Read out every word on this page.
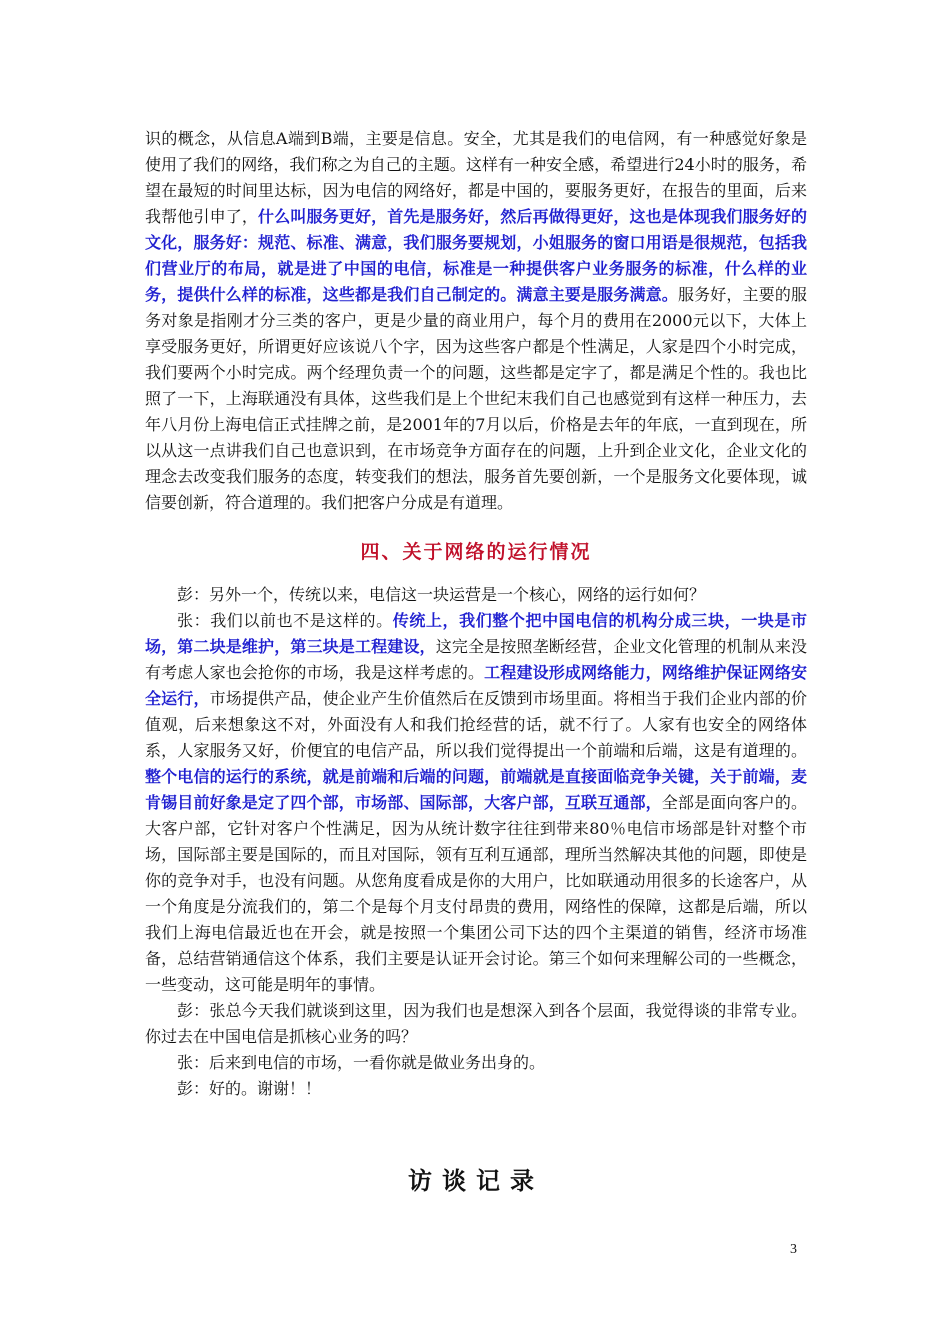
识的概念，从信息A端到B端，主要是信息。安全，尤其是我们的电信网，有一种感觉好象是使用了我们的网络，我们称之为自己的主题。这样有一种安全感，希望进行24小时的服务，希望在最短的时间里达标，因为电信的网络好，都是中国的，要服务更好，在报告的里面，后来我帮他引申了，什么叫服务更好，首先是服务好，然后再做得更好，这也是体现我们服务好的文化，服务好：规范、标准、满意，我们服务要规划，小姐服务的窗口用语是很规范，包括我们营业厅的布局，就是进了中国的电信，标准是一种提供客户业务服务的标准，什么样的业务，提供什么样的标准，这些都是我们自己制定的。满意主要是服务满意。服务好，主要的服务对象是指刚才分三类的客户，更是少量的商业用户，每个月的费用在2000元以下，大体上享受服务更好，所谓更好应该说八个字，因为这些客户都是个性满足，人家是四个小时完成，我们要两个小时完成。两个经理负责一个的问题，这些都是定字了，都是满足个性的。我也比照了一下，上海联通没有具体，这些我们是上个世纪末我们自己也感觉到有这样一种压力，去年八月份上海电信正式挂牌之前，是2001年的7月以后，价格是去年的年底，一直到现在，所以从这一点讲我们自己也意识到，在市场竞争方面存在的问题，上升到企业文化，企业文化的理念去改变我们服务的态度，转变我们的想法，服务首先要创新，一个是服务文化要体现，诚信要创新，符合道理的。我们把客户分成是有道理。

四、关于网络的运行情况

彭：另外一个，传统以来，电信这一块运营是一个核心，网络的运行如何？

张：我们以前也不是这样的。传统上，我们整个把中国电信的机构分成三块，一块是市场，第二块是维护，第三块是工程建设，这完全是按照垄断经营，企业文化管理的机制从来没有考虑人家也会抢你的市场，我是这样考虑的。工程建设形成网络能力，网络维护保证网络安全运行，市场提供产品，使企业产生价值然后在反馈到市场里面。将相当于我们企业内部的价值观，后来想象这不对，外面没有人和我们抢经营的话，就不行了。人家有也安全的网络体系，人家服务又好，价便宜的电信产品，所以我们觉得提出一个前端和后端，这是有道理的。整个电信的运行的系统，就是前端和后端的问题，前端就是直接面临竞争关键，关于前端，麦肯锡目前好象是定了四个部，市场部、国际部，大客户部，互联互通部，全部是面向客户的。大客户部，它针对客户个性满足，因为从统计数字往往到带来80％电信市场部是针对整个市场，国际部主要是国际的，而且对国际，领有互利互通部，理所当然解决其他的问题，即使是你的竞争对手，也没有问题。从您角度看成是你的大用户，比如联通动用很多的长途客户，从一个角度是分流我们的，第二个是每个月支付昂贵的费用，网络性的保障，这都是后端，所以我们上海电信最近也在开会，就是按照一个集团公司下达的四个主渠道的销售，经济市场准备，总结营销通信这个体系，我们主要是认证开会讨论。第三个如何来理解公司的一些概念，一些变动，这可能是明年的事情。

彭：张总今天我们就谈到这里，因为我们也是想深入到各个层面，我觉得谈的非常专业。你过去在中国电信是抓核心业务的吗？

张：后来到电信的市场，一看你就是做业务出身的。

彭：好的。谢谢！！

访谈记录
3
